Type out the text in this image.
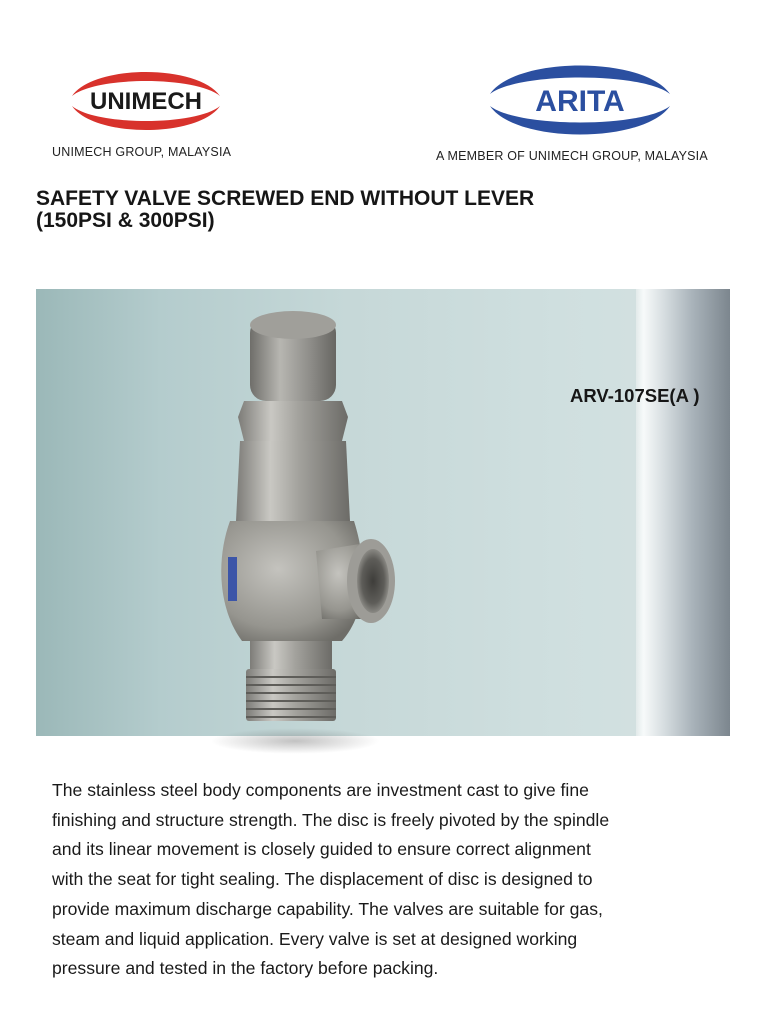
UNIMECH
UNIMECH GROUP, MALAYSIA
ARITA
A MEMBER OF UNIMECH GROUP, MALAYSIA
SAFETY VALVE SCREWED END WITHOUT LEVER
(150PSI & 300PSI)
ARV-107SE(A )

The stainless steel body components are investment cast to give fine
finishing and structure strength. The disc is freely pivoted by the spindle
and its linear movement is closely guided to ensure correct alignment
with the seat for tight sealing. The displacement of disc is designed to
provide maximum discharge capability. The valves are suitable for gas,
steam and liquid application. Every valve is set at designed working
pressure and tested in the factory before packing.
